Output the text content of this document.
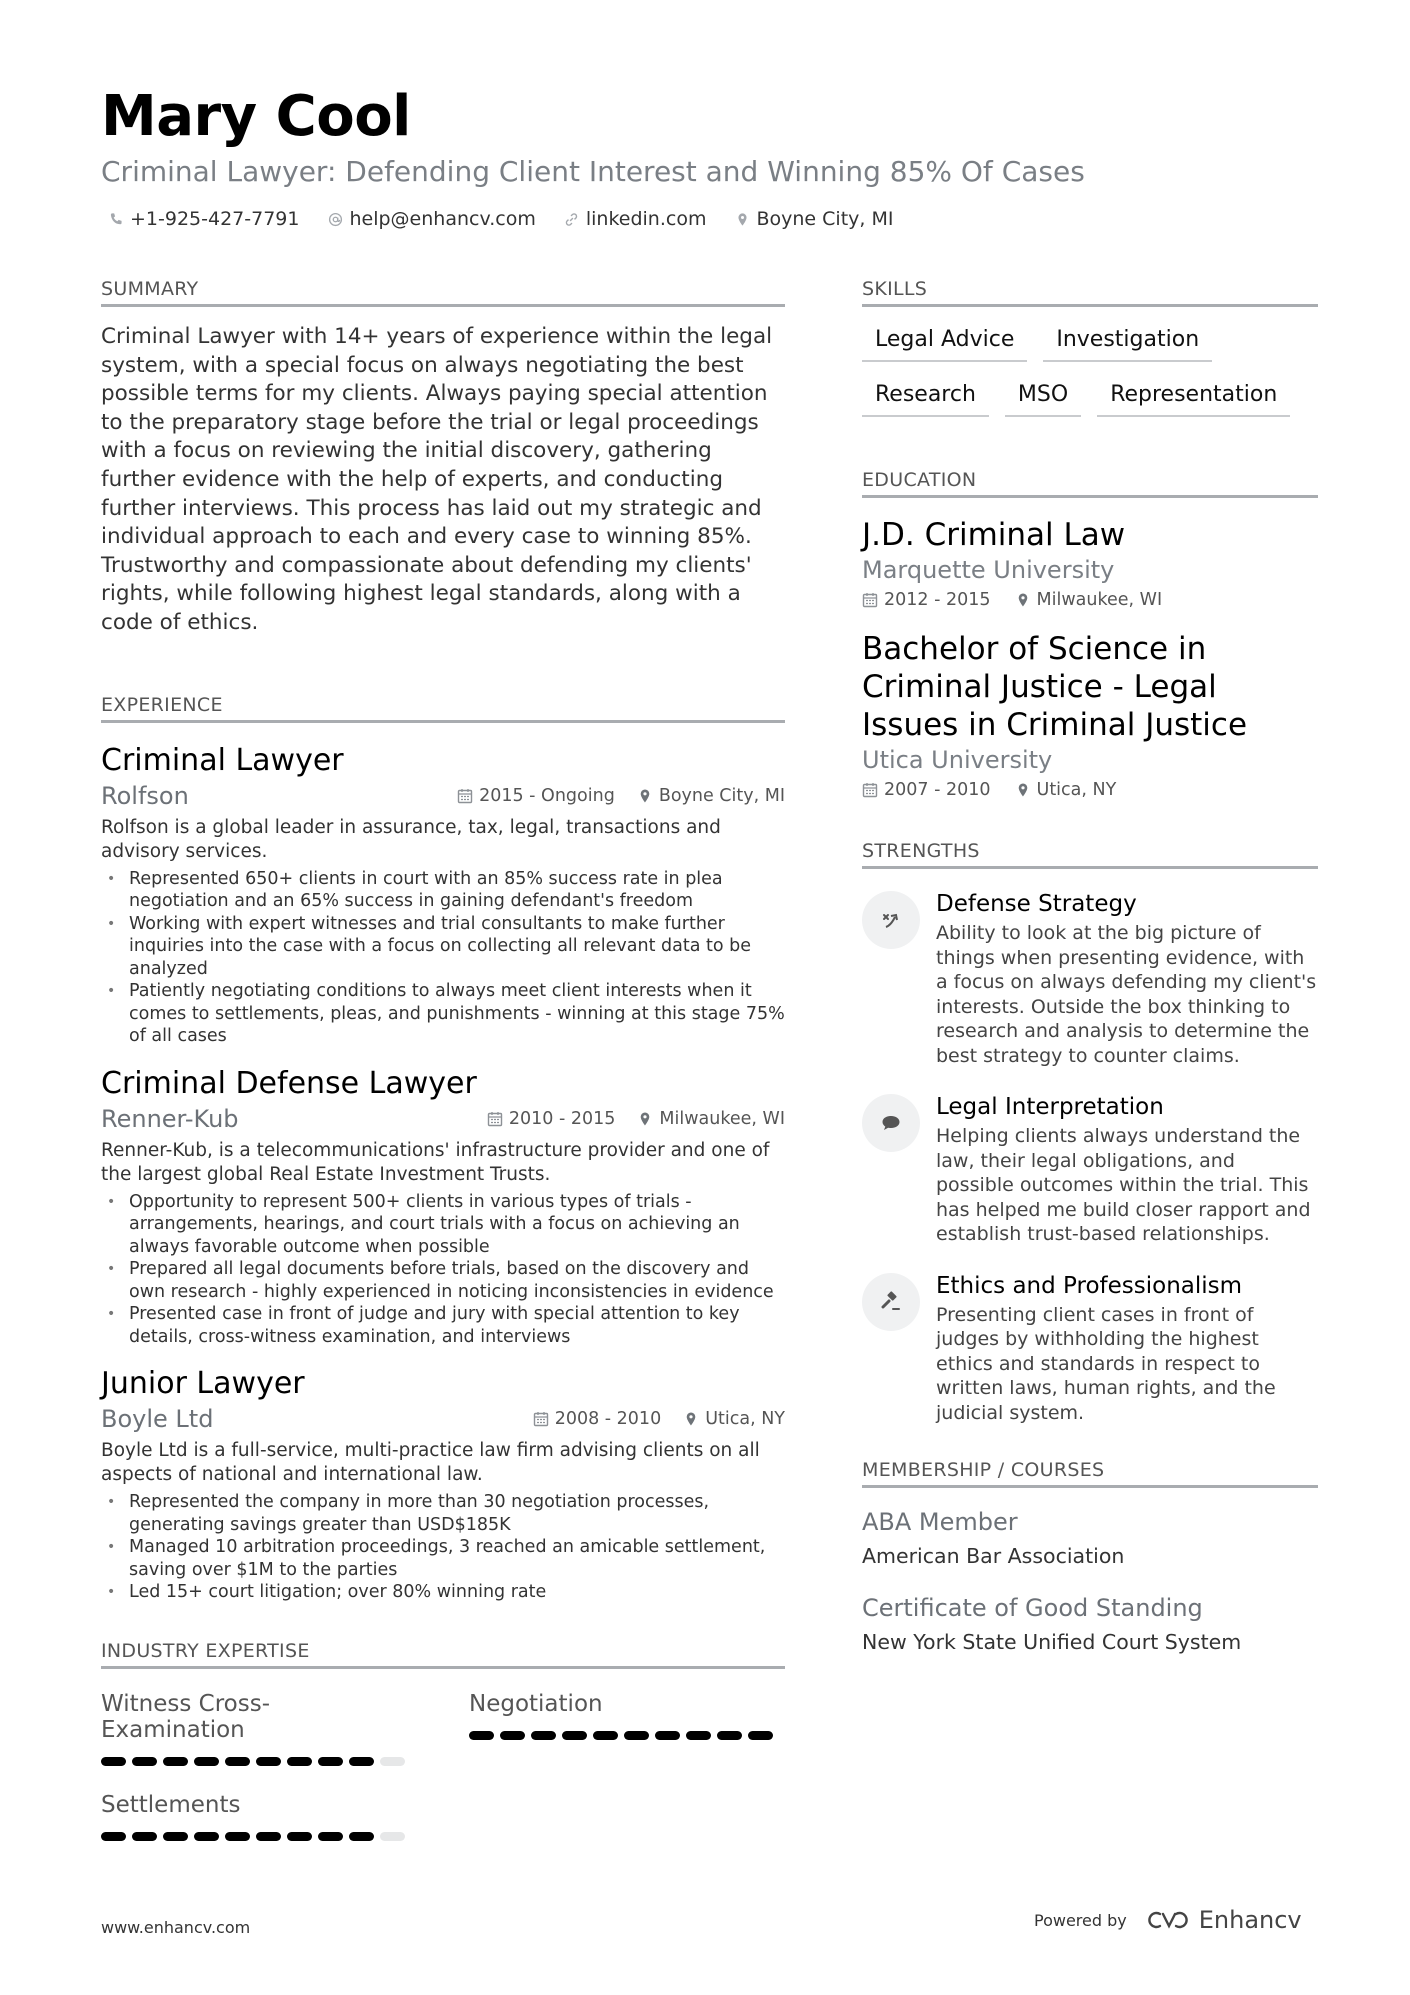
Mary Cool
Criminal Lawyer: Defending Client Interest and Winning 85% Of Cases
+1-925-427-7791	help@enhancv.com	linkedin.com	Boyne City, MI
SUMMARY

Criminal Lawyer with 14+ years of experience within the legal system, with a special focus on always negotiating the best possible terms for my clients. Always paying special attention to the preparatory stage before the trial or legal proceedings with a focus on reviewing the initial discovery, gathering further evidence with the help of experts, and conducting further interviews. This process has laid out my strategic and individual approach to each and every case to winning 85%. Trustworthy and compassionate about defending my clients' rights, while following highest legal standards, along with a code of ethics.

EXPERIENCE
Criminal Lawyer
Rolfson	2015 - Ongoing	Boyne City, MI

Rolfson is a global leader in assurance, tax, legal, transactions and advisory services.

• Represented 650+ clients in court with an 85% success rate in plea negotiation and an 65% success in gaining defendant's freedom
• Working with expert witnesses and trial consultants to make further inquiries into the case with a focus on collecting all relevant data to be analyzed
• Patiently negotiating conditions to always meet client interests when it comes to settlements, pleas, and punishments - winning at this stage 75% of all cases
Criminal Defense Lawyer
Renner-Kub	2010 - 2015	Milwaukee, WI

Renner-Kub, is a telecommunications' infrastructure provider and one of the largest global Real Estate Investment Trusts.

• Opportunity to represent 500+ clients in various types of trials - arrangements, hearings, and court trials with a focus on achieving an always favorable outcome when possible
• Prepared all legal documents before trials, based on the discovery and own research - highly experienced in noticing inconsistencies in evidence
• Presented case in front of judge and jury with special attention to key details, cross-witness examination, and interviews
Junior Lawyer
Boyle Ltd	2008 - 2010	Utica, NY

Boyle Ltd is a full-service, multi-practice law firm advising clients on all aspects of national and international law.

• Represented the company in more than 30 negotiation processes, generating savings greater than USD$185K
• Managed 10 arbitration proceedings, 3 reached an amicable settlement, saving over $1M to the parties
• Led 15+ court litigation; over 80% winning rate
INDUSTRY EXPERTISE
Witness Cross-Examination
Negotiation
Settlements
SKILLS
Legal Advice	Investigation
Research	MSO	Representation
EDUCATION
J.D. Criminal Law
Marquette University
2012 - 2015	Milwaukee, WI
Bachelor of Science in Criminal Justice - Legal Issues in Criminal Justice
Utica University
2007 - 2010	Utica, NY
STRENGTHS
Defense Strategy
Ability to look at the big picture of things when presenting evidence, with a focus on always defending my client's interests. Outside the box thinking to research and analysis to determine the best strategy to counter claims.
Legal Interpretation
Helping clients always understand the law, their legal obligations, and possible outcomes within the trial. This has helped me build closer rapport and establish trust-based relationships.
Ethics and Professionalism
Presenting client cases in front of judges by withholding the highest ethics and standards in respect to written laws, human rights, and the judicial system.
MEMBERSHIP / COURSES
ABA Member
American Bar Association
Certificate of Good Standing
New York State Unified Court System
www.enhancv.com	Powered by	Enhancv
